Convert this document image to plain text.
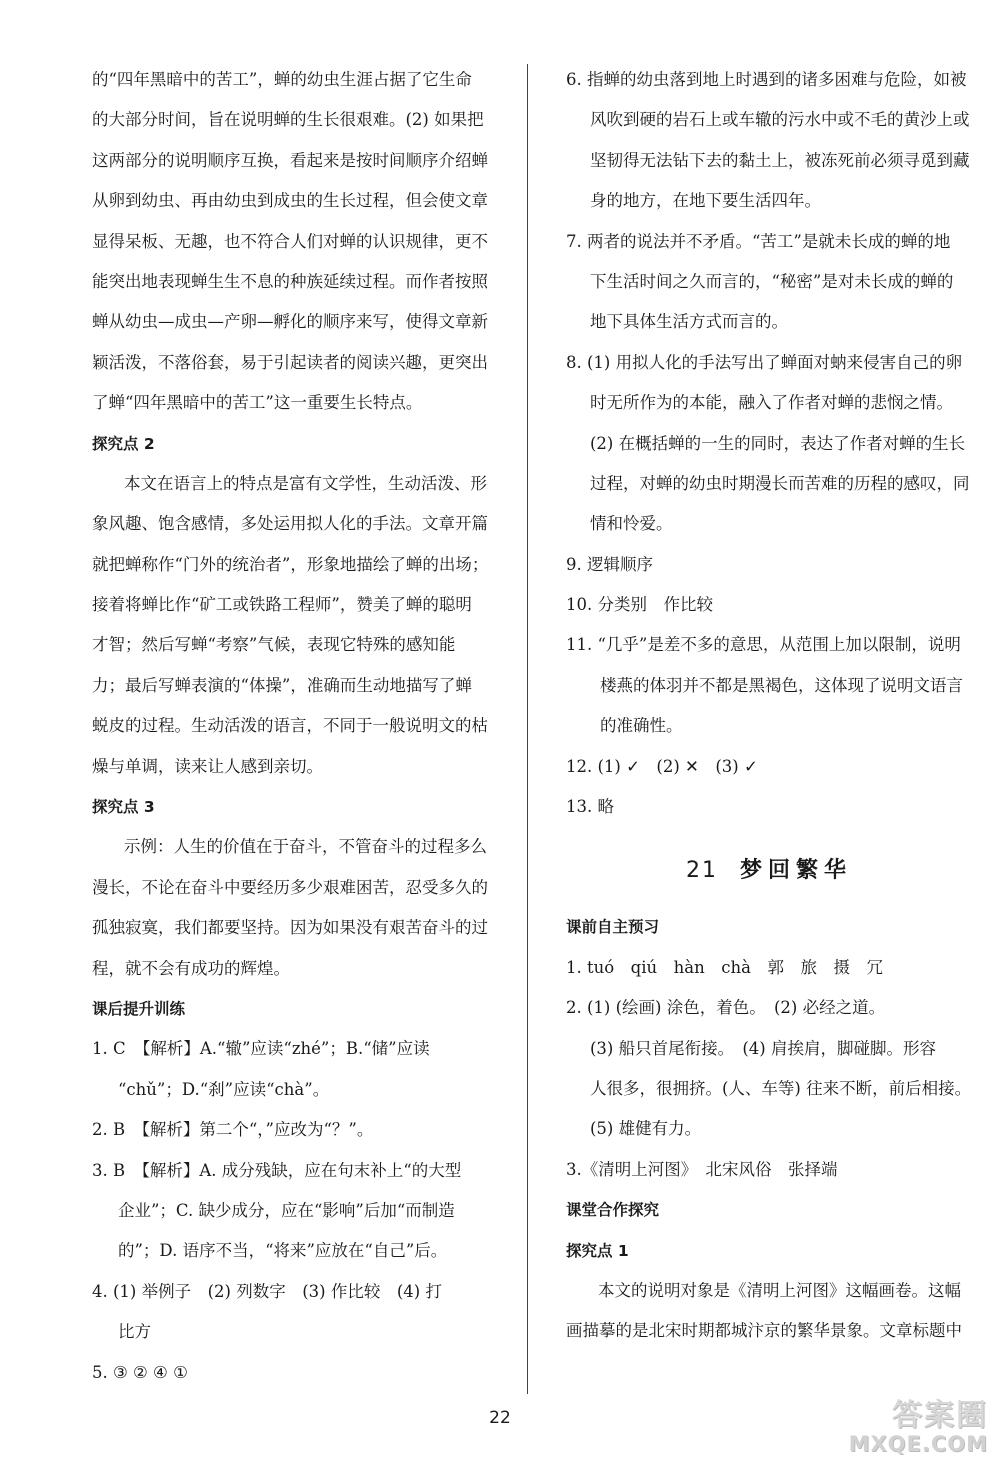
的“四年黑暗中的苦工”，蝉的幼虫生涯占据了它生命
的大部分时间，旨在说明蝉的生长很艰难。(2) 如果把
这两部分的说明顺序互换，看起来是按时间顺序介绍蝉
从卵到幼虫、再由幼虫到成虫的生长过程，但会使文章
显得呆板、无趣，也不符合人们对蝉的认识规律，更不
能突出地表现蝉生生不息的种族延续过程。而作者按照
蝉从幼虫—成虫—产卵—孵化的顺序来写，使得文章新
颖活泼，不落俗套，易于引起读者的阅读兴趣，更突出
了蝉“四年黑暗中的苦工”这一重要生长特点。
探究点 2
本文在语言上的特点是富有文学性，生动活泼、形
象风趣、饱含感情，多处运用拟人化的手法。文章开篇
就把蝉称作“门外的统治者”，形象地描绘了蝉的出场；
接着将蝉比作“矿工或铁路工程师”，赞美了蝉的聪明
才智；然后写蝉“考察”气候，表现它特殊的感知能
力；最后写蝉表演的“体操”，准确而生动地描写了蝉
蜕皮的过程。生动活泼的语言，不同于一般说明文的枯
燥与单调，读来让人感到亲切。
探究点 3
示例：人生的价值在于奋斗，不管奋斗的过程多么
漫长，不论在奋斗中要经历多少艰难困苦，忍受多久的
孤独寂寞，我们都要坚持。因为如果没有艰苦奋斗的过
程，就不会有成功的辉煌。
课后提升训练
1. C　【解析】A.“辙”应读“zhé”；B.“储”应读
“chǔ”；D.“刹”应读“chà”。
2. B　【解析】第二个“，”应改为“？”。
3. B　【解析】A. 成分残缺，应在句末补上“的大型
企业”；C. 缺少成分，应在“影响”后加“而制造
的”；D. 语序不当，“将来”应放在“自己”后。
4. (1) 举例子　(2) 列数字　(3) 作比较　(4) 打
比方
5. ③ ② ④ ①
6. 指蝉的幼虫落到地上时遇到的诸多困难与危险，如被
风吹到硬的岩石上或车辙的污水中或不毛的黄沙上或
坚韧得无法钻下去的黏土上，被冻死前必须寻觅到藏
身的地方，在地下要生活四年。
7. 两者的说法并不矛盾。“苦工”是就未长成的蝉的地
下生活时间之久而言的，“秘密”是对未长成的蝉的
地下具体生活方式而言的。
8. (1) 用拟人化的手法写出了蝉面对蚋来侵害自己的卵
时无所作为的本能，融入了作者对蝉的悲悯之情。
(2) 在概括蝉的一生的同时，表达了作者对蝉的生长
过程，对蝉的幼虫时期漫长而苦难的历程的感叹，同
情和怜爱。
9. 逻辑顺序
10. 分类别　作比较
11. “几乎”是差不多的意思，从范围上加以限制，说明
楼燕的体羽并不都是黑褐色，这体现了说明文语言
的准确性。
12. (1) ✓　(2) ✕　(3) ✓
13. 略
21 梦回繁华
课前自主预习
1. tuó　qiú　hàn　chà　郭　旅　摄　冗
2. (1) (绘画) 涂色，着色。　(2) 必经之道。
(3) 船只首尾衔接。　(4) 肩挨肩，脚碰脚。形容
人很多，很拥挤。(人、车等) 往来不断，前后相接。
(5) 雄健有力。
3.《清明上河图》　北宋风俗　张择端
课堂合作探究
探究点 1
本文的说明对象是《清明上河图》这幅画卷。这幅
画描摹的是北宋时期都城汴京的繁华景象。文章标题中
22	答案圈
MXQE.COM
